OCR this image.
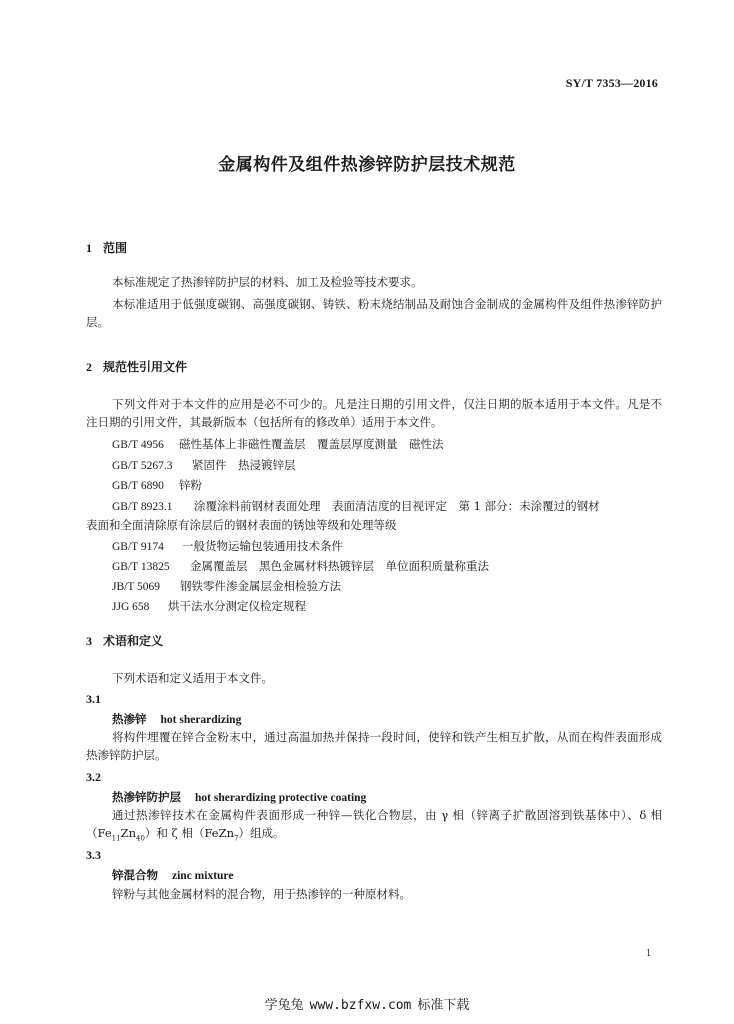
SY/T 7353—2016
金属构件及组件热渗锌防护层技术规范
1 范围
本标准规定了热渗锌防护层的材料、加工及检验等技术要求。
本标准适用于低强度碳钢、高强度碳钢、铸铁、粉末烧结制品及耐蚀合金制成的金属构件及组件热渗锌防护层。
2 规范性引用文件
下列文件对于本文件的应用是必不可少的。凡是注日期的引用文件，仅注日期的版本适用于本文件。凡是不注日期的引用文件，其最新版本（包括所有的修改单）适用于本文件。
GB/T 4956 磁性基体上非磁性覆盖层　覆盖层厚度测量　磁性法
GB/T 5267.3 紧固件　热浸镀锌层
GB/T 6890 锌粉
GB/T 8923.1 涂覆涂料前钢材表面处理　表面清洁度的目视评定　第 1 部分：未涂覆过的钢材
表面和全面清除原有涂层后的钢材表面的锈蚀等级和处理等级
GB/T 9174 一般货物运输包装通用技术条件
GB/T 13825 金属覆盖层　黑色金属材料热镀锌层　单位面积质量称重法
JB/T 5069 钢铁零件渗金属层金相检验方法
JJG 658 烘干法水分测定仪检定规程
3 术语和定义
下列术语和定义适用于本文件。
3.1
热渗锌 hot sherardizing
将构件埋覆在锌合金粉末中，通过高温加热并保持一段时间，使锌和铁产生相互扩散，从而在构件表面形成热渗锌防护层。
3.2
热渗锌防护层 hot sherardizing protective coating
通过热渗锌技术在金属构件表面形成一种锌—铁化合物层，由 γ 相（锌离子扩散固溶到铁基体中）、δ 相$(Fe_{11}Zn_{40})$和 ζ 相（FeZn$_7$）组成。
3.3
锌混合物 zinc mixture
锌粉与其他金属材料的混合物，用于热渗锌的一种原材料。
1
学兔兔 www.bzfxw.com 标准下载
